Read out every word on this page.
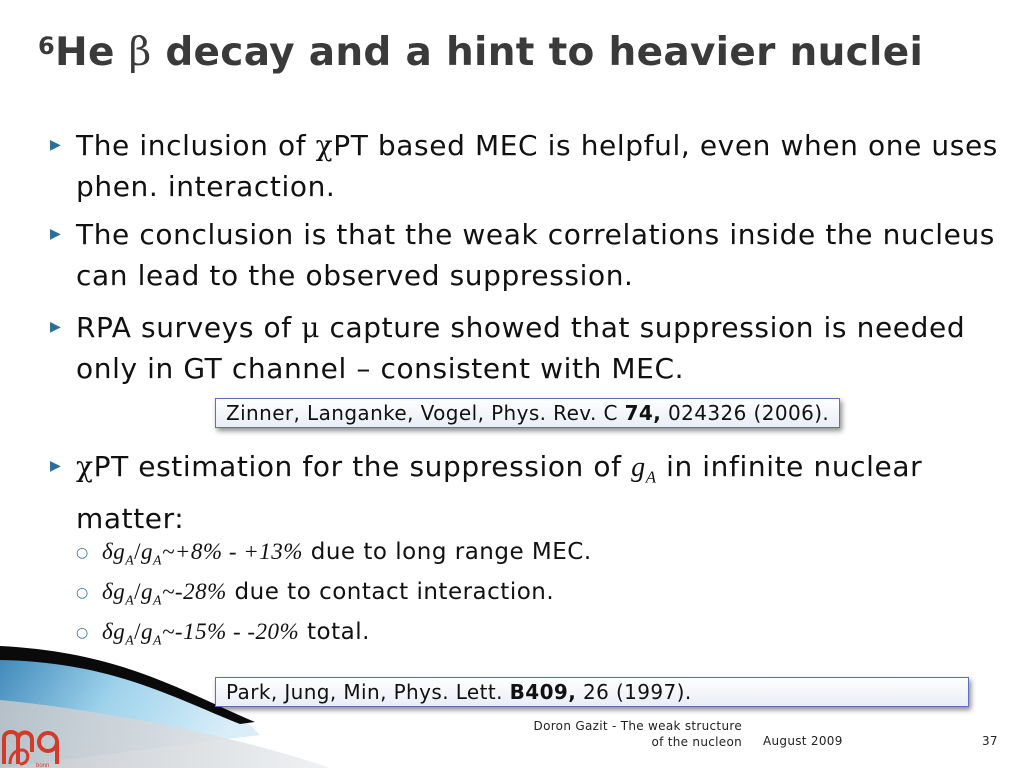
$^6$He β decay and a hint to heavier nuclei
▶ The inclusion of χPT based MEC is helpful, even when one uses phen. interaction.
▶ The conclusion is that the weak correlations inside the nucleus can lead to the observed suppression.
▶ RPA surveys of μ capture showed that suppression is needed only in GT channel – consistent with MEC.
Zinner, Langanke, Vogel, Phys. Rev. C 74, 024326 (2006).
▶ χPT estimation for the suppression of $g_A$ in infinite nuclear matter:
○ $\delta g_A/g_A\sim+8\% - +13\%$ due to long range MEC.
○ $\delta g_A/g_A\sim-28\%$ due to contact interaction.
○ $\delta g_A/g_A\sim-15\% - -20\%$ total.
Park, Jung, Min, Phys. Lett. B409, 26 (1997).
bonn
Doron Gazit - The weak structure
of the nucleon August 2009	37
